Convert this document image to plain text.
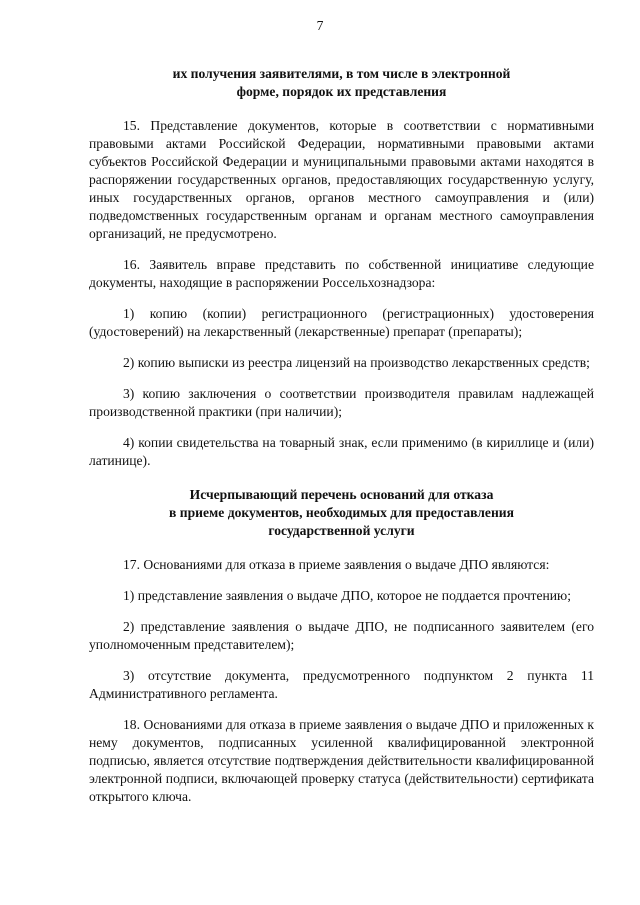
7
их получения заявителями, в том числе в электронной
форме, порядок их представления

15. Представление документов, которые в соответствии с нормативными правовыми актами Российской Федерации, нормативными правовыми актами субъектов Российской Федерации и муниципальными правовыми актами находятся в распоряжении государственных органов, предоставляющих государственную услугу, иных государственных органов, органов местного самоуправления и (или) подведомственных государственным органам и органам местного самоуправления организаций, не предусмотрено.

16. Заявитель вправе представить по собственной инициативе следующие документы, находящие в распоряжении Россельхознадзора:

1) копию (копии) регистрационного (регистрационных) удостоверения (удостоверений) на лекарственный (лекарственные) препарат (препараты);

2) копию выписки из реестра лицензий на производство лекарственных средств;

3) копию заключения о соответствии производителя правилам надлежащей производственной практики (при наличии);

4) копии свидетельства на товарный знак, если применимо (в кириллице и (или) латинице).

Исчерпывающий перечень оснований для отказа
в приеме документов, необходимых для предоставления
государственной услуги

17. Основаниями для отказа в приеме заявления о выдаче ДПО являются:

1) представление заявления о выдаче ДПО, которое не поддается прочтению;

2) представление заявления о выдаче ДПО, не подписанного заявителем (его уполномоченным представителем);

3) отсутствие документа, предусмотренного подпунктом 2 пункта 11 Административного регламента.

18. Основаниями для отказа в приеме заявления о выдаче ДПО и приложенных к нему документов, подписанных усиленной квалифицированной электронной подписью, является отсутствие подтверждения действительности квалифицированной электронной подписи, включающей проверку статуса (действительности) сертификата открытого ключа.
